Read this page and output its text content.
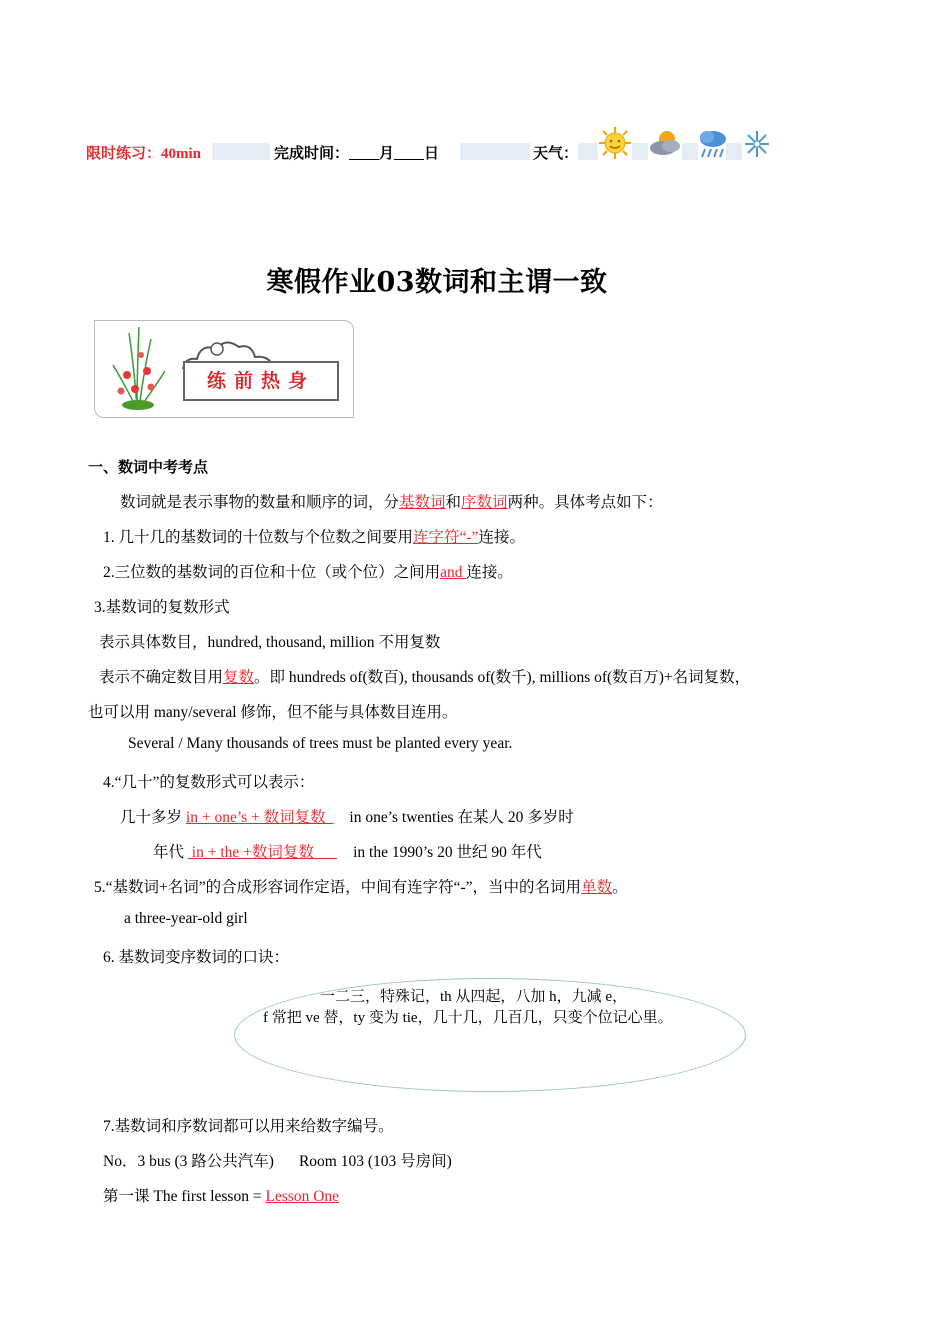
限时练习：40min	完成时间： 月 日	天气：
寒假作业03数词和主谓一致
练前热身
一、数词中考考点
数词就是表示事物的数量和顺序的词，分基数词和序数词两种。具体考点如下：
1. 几十几的基数词的十位数与个位数之间要用连字符“-”连接。
2.三位数的基数词的百位和十位（或个位）之间用and 连接。
3.基数词的复数形式
表示具体数目，hundred, thousand, million 不用复数
表示不确定数目用复数。即 hundreds of(数百), thousands of(数千), millions of(数百万)+名词复数，
也可以用 many/several 修饰，但不能与具体数目连用。
Several / Many thousands of trees must be planted every year.
4.“几十”的复数形式可以表示：
几十多岁 in + one’s + 数词复数  in one’s twenties 在某人 20 多岁时
年代  in + the +数词复数      in the 1990’s 20 世纪 90 年代
5.“基数词+名词”的合成形容词作定语，中间有连字符“-”，当中的名词用单数。
a three-year-old girl
6. 基数词变序数词的口诀：
一二三，特殊记，th 从四起，八加 h，九减 e，
f 常把 ve 替，ty 变为 tie，几十几，几百几，只变个位记心里。
7.基数词和序数词都可以用来给数字编号。
No．3 bus (3 路公共汽车) Room 103 (103 号房间)
第一课 The first lesson = Lesson One
